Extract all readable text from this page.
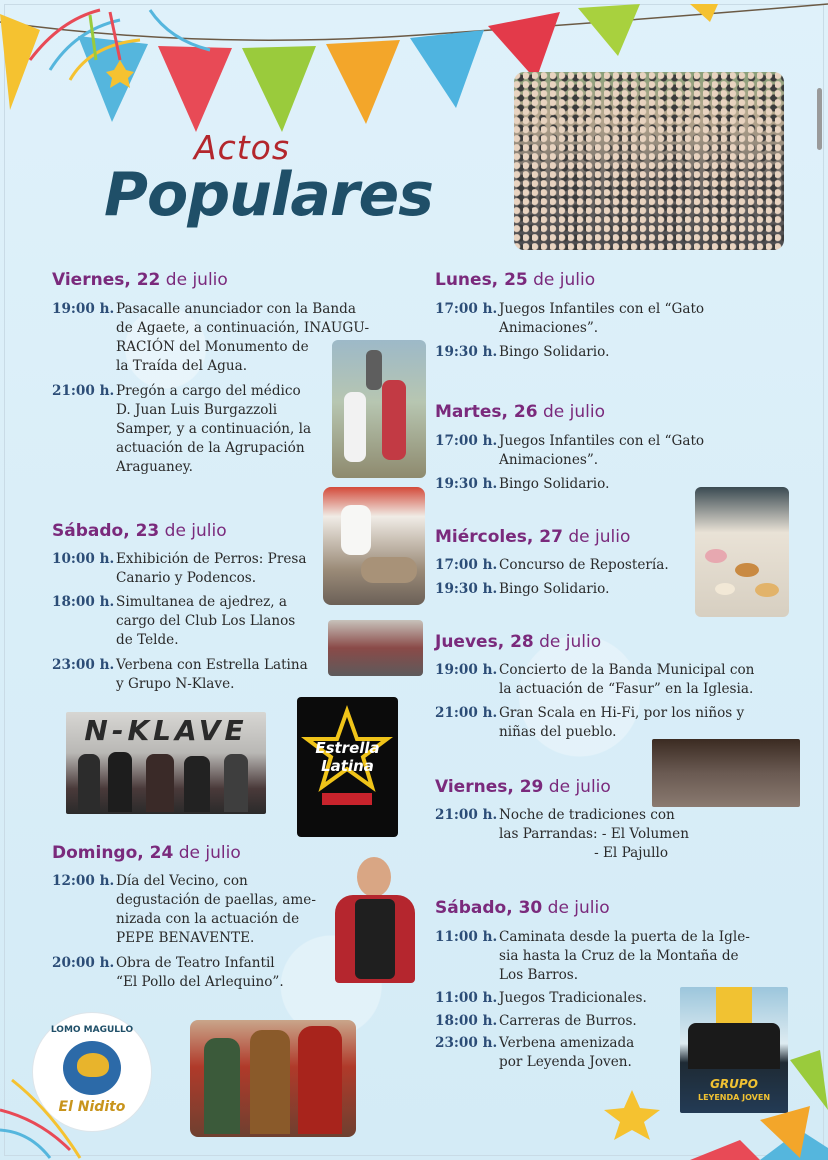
Actos
Populares
N-KLAVE
Estrella
Latina
GRUPO
LEYENDA JOVEN
LOMO MAGULLO
El Nidito
Viernes, 22 de julio
19:00 h. Pasacalle anunciador con la Banda
de Agaete, a continuación, INAUGU-
RACIÓN del Monumento de
la Traída del Agua.
21:00 h. Pregón a cargo del médico
D. Juan Luis Burgazzoli
Samper, y a continuación, la
actuación de la Agrupación
Araguaney.
Sábado, 23 de julio
10:00 h. Exhibición de Perros: Presa
Canario y Podencos.
18:00 h. Simultanea de ajedrez, a
cargo del Club Los Llanos
de Telde.
23:00 h. Verbena con Estrella Latina
y Grupo N-Klave.
Domingo, 24 de julio
12:00 h. Día del Vecino, con
degustación de paellas, ame-
nizada con la actuación de
PEPE BENAVENTE.
20:00 h. Obra de Teatro Infantil
“El Pollo del Arlequino”.
Lunes, 25 de julio
17:00 h. Juegos Infantiles con el “Gato
Animaciones”.
19:30 h. Bingo Solidario.
Martes, 26 de julio
17:00 h. Juegos Infantiles con el “Gato
Animaciones”.
19:30 h. Bingo Solidario.
Miércoles, 27 de julio
17:00 h. Concurso de Repostería.
19:30 h. Bingo Solidario.
Jueves, 28 de julio
19:00 h. Concierto de la Banda Municipal con
la actuación de “Fasur” en la Iglesia.
21:00 h. Gran Scala en Hi-Fi, por los niños y
niñas del pueblo.
Viernes, 29 de julio
21:00 h. Noche de tradiciones con
las Parrandas: - El Volumen
- El Pajullo
Sábado, 30 de julio
11:00 h. Caminata desde la puerta de la Igle-
sia hasta la Cruz de la Montaña de
Los Barros.
11:00 h. Juegos Tradicionales.
18:00 h. Carreras de Burros.
23:00 h. Verbena amenizada
por Leyenda Joven.
